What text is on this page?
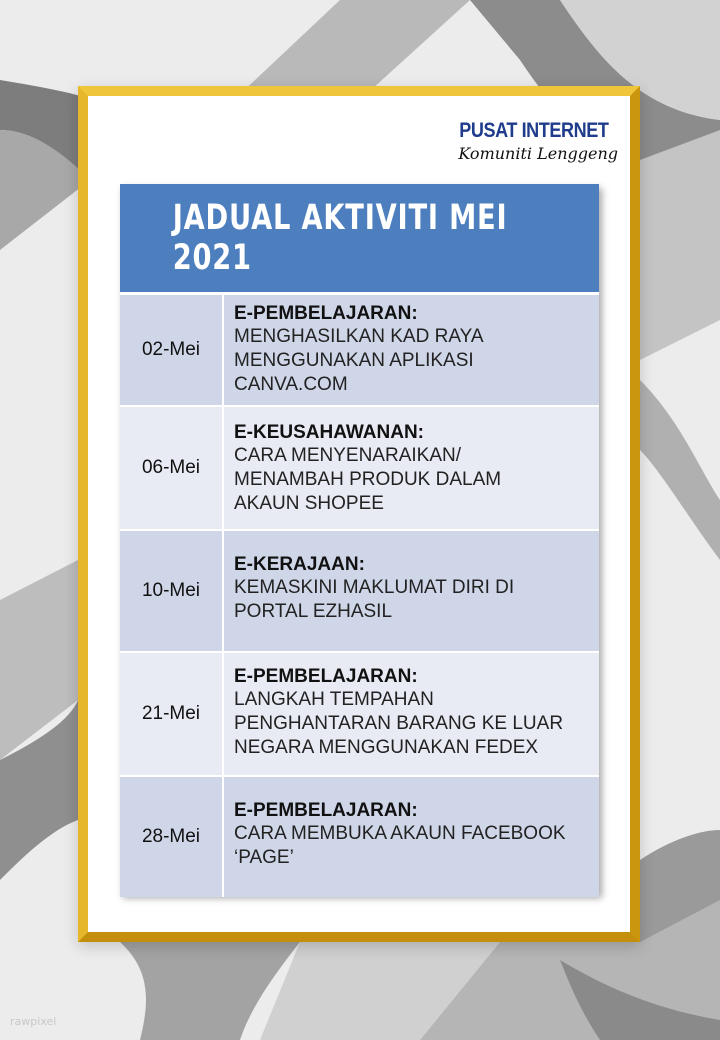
PUSAT INTERNET
Komuniti Lenggeng
JADUAL AKTIVITI MEI 2021
02-Mei
E-PEMBELAJARAN:
MENGHASILKAN KAD RAYA
MENGGUNAKAN APLIKASI
CANVA.COM
06-Mei
E-KEUSAHAWANAN:
CARA MENYENARAIKAN/
MENAMBAH PRODUK DALAM
AKAUN SHOPEE
10-Mei
E-KERAJAAN:
KEMASKINI MAKLUMAT DIRI DI
PORTAL EZHASIL
21-Mei
E-PEMBELAJARAN:
LANGKAH TEMPAHAN
PENGHANTARAN BARANG KE LUAR
NEGARA MENGGUNAKAN FEDEX
28-Mei
E-PEMBELAJARAN:
CARA MEMBUKA AKAUN FACEBOOK
‘PAGE’
rawpixel
